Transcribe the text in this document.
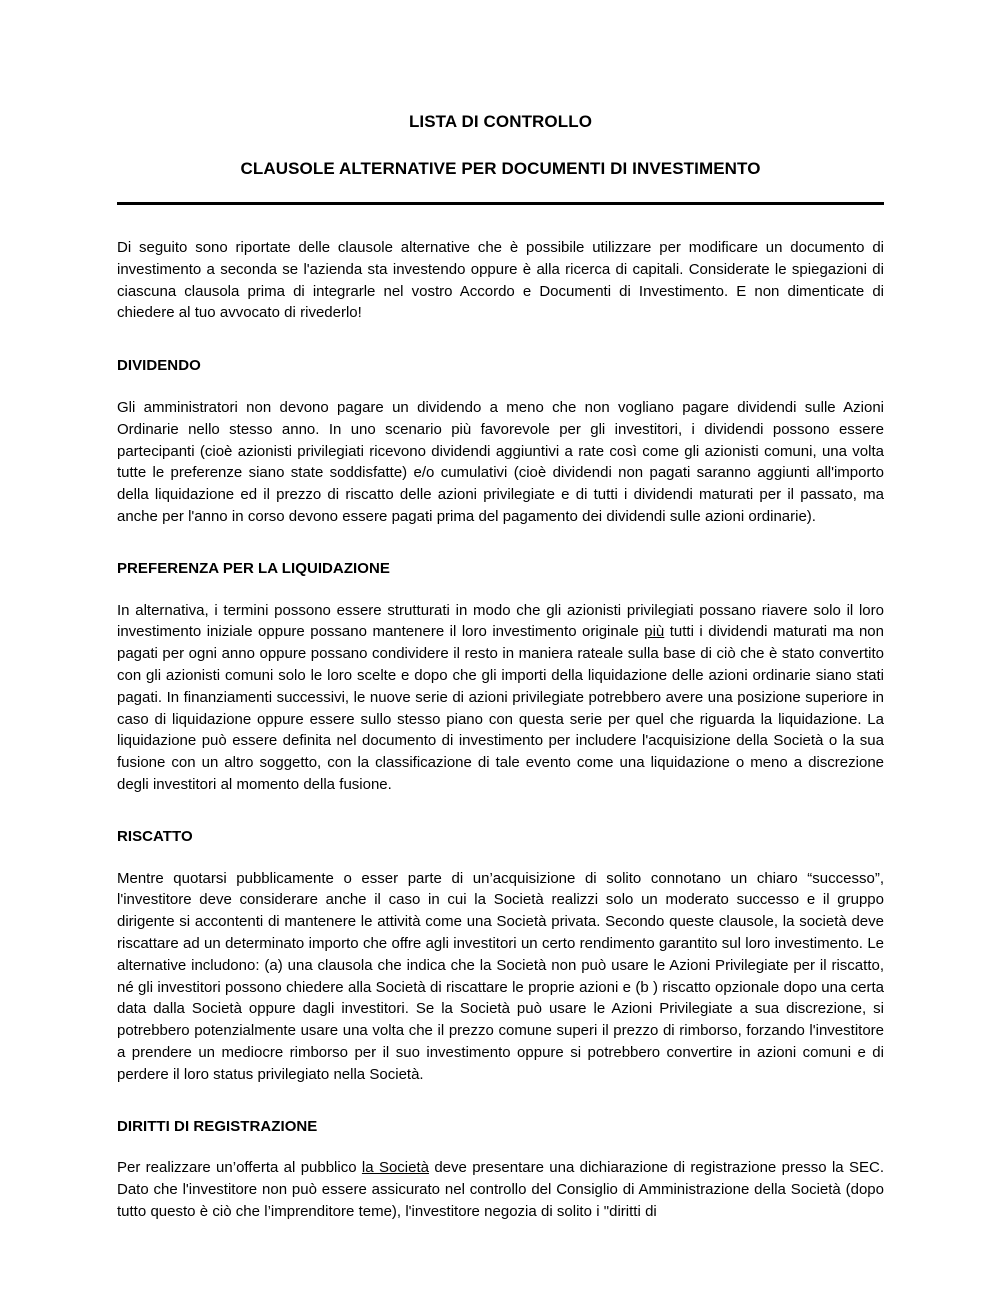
LISTA DI CONTROLLO
CLAUSOLE ALTERNATIVE PER DOCUMENTI DI INVESTIMENTO

Di seguito sono riportate delle clausole alternative che è possibile utilizzare per modificare un documento di investimento a seconda se l'azienda sta investendo oppure è alla ricerca di capitali. Considerate le spiegazioni di ciascuna clausola prima di integrarle nel vostro Accordo e Documenti di Investimento. E non dimenticate di chiedere al tuo avvocato di rivederlo!

DIVIDENDO

Gli amministratori non devono pagare un dividendo a meno che non vogliano pagare dividendi sulle Azioni Ordinarie nello stesso anno. In uno scenario più favorevole per gli investitori, i dividendi possono essere partecipanti (cioè azionisti privilegiati ricevono dividendi aggiuntivi a rate così come gli azionisti comuni, una volta tutte le preferenze siano state soddisfatte) e/o cumulativi (cioè dividendi non pagati saranno aggiunti all'importo della liquidazione ed il prezzo di riscatto delle azioni privilegiate e di tutti i dividendi maturati per il passato, ma anche per l'anno in corso devono essere pagati prima del pagamento dei dividendi sulle azioni ordinarie).

PREFERENZA PER LA LIQUIDAZIONE

In alternativa, i termini possono essere strutturati in modo che gli azionisti privilegiati possano riavere solo il loro investimento iniziale oppure possano mantenere il loro investimento originale più tutti i dividendi maturati ma non pagati per ogni anno oppure possano condividere il resto in maniera rateale sulla base di ciò che è stato convertito con gli azionisti comuni solo le loro scelte e dopo che gli importi della liquidazione delle azioni ordinarie siano stati pagati. In finanziamenti successivi, le nuove serie di azioni privilegiate potrebbero avere una posizione superiore in caso di liquidazione oppure essere sullo stesso piano con questa serie per quel che riguarda la liquidazione. La liquidazione può essere definita nel documento di investimento per includere l'acquisizione della Società o la sua fusione con un altro soggetto, con la classificazione di tale evento come una liquidazione o meno a discrezione degli investitori al momento della fusione.

RISCATTO

Mentre quotarsi pubblicamente o esser parte di un’acquisizione di solito connotano un chiaro “successo”, l'investitore deve considerare anche il caso in cui la Società realizzi solo un moderato successo e il gruppo dirigente si accontenti di mantenere le attività come una Società privata. Secondo queste clausole, la società deve riscattare ad un determinato importo che offre agli investitori un certo rendimento garantito sul loro investimento. Le alternative includono: (a) una clausola che indica che la Società non può usare le Azioni Privilegiate per il riscatto, né gli investitori possono chiedere alla Società di riscattare le proprie azioni e (b ) riscatto opzionale dopo una certa data dalla Società oppure dagli investitori. Se la Società può usare le Azioni Privilegiate a sua discrezione, si potrebbero potenzialmente usare una volta che il prezzo comune superi il prezzo di rimborso, forzando l'investitore a prendere un mediocre rimborso per il suo investimento oppure si potrebbero convertire in azioni comuni e di perdere il loro status privilegiato nella Società.

DIRITTI DI REGISTRAZIONE

Per realizzare un’offerta al pubblico la Società deve presentare una dichiarazione di registrazione presso la SEC. Dato che l'investitore non può essere assicurato nel controllo del Consiglio di Amministrazione della Società (dopo tutto questo è ciò che l’imprenditore teme), l'investitore negozia di solito i "diritti di
